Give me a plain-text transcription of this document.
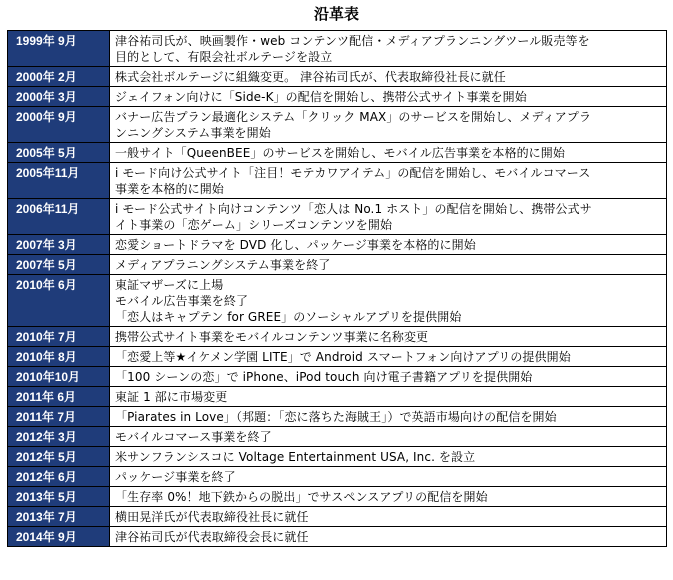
沿革表
1999年 9月	津谷祐司氏が、映画製作・web コンテンツ配信・メディアプランニングツール販売等を
目的として、有限会社ボルテージを設立

2000年 2月	株式会社ボルテージに組織変更。 津谷祐司氏が、代表取締役社長に就任

2000年 3月	ジェイフォン向けに「Side-K」の配信を開始し、携帯公式サイト事業を開始

2000年 9月	バナー広告プラン最適化システム「クリック MAX」のサービスを開始し、メディアプラ
ンニングシステム事業を開始

2005年 5月	一般サイト「QueenBEE」のサービスを開始し、モバイル広告事業を本格的に開始

2005年11月	i モード向け公式サイト「注目！モテカワアイテム」の配信を開始し、モバイルコマース
事業を本格的に開始

2006年11月	i モード公式サイト向けコンテンツ「恋人は No.1 ホスト」の配信を開始し、携帯公式サ
イト事業の「恋ゲーム」シリーズコンテンツを開始

2007年 3月	恋愛ショートドラマを DVD 化し、パッケージ事業を本格的に開始

2007年 5月	メディアプラニングシステム事業を終了

2010年 6月	東証マザーズに上場
モバイル広告事業を終了
「恋人はキャプテン for GREE」のソーシャルアプリを提供開始

2010年 7月	携帯公式サイト事業をモバイルコンテンツ事業に名称変更

2010年 8月	「恋愛上等★イケメン学園 LITE」で Android スマートフォン向けアプリの提供開始

2010年10月	「100 シーンの恋」で iPhone、iPod touch 向け電子書籍アプリを提供開始

2011年 6月	東証 1 部に市場変更

2011年 7月	「Piarates in Love」（邦題：「恋に落ちた海賊王」）で英語市場向けの配信を開始

2012年 3月	モバイルコマース事業を終了

2012年 5月	米サンフランシスコに Voltage Entertainment USA, Inc. を設立

2012年 6月	パッケージ事業を終了

2013年 5月	「生存率 0%！地下鉄からの脱出」でサスペンスアプリの配信を開始

2013年 7月	横田晃洋氏が代表取締役社長に就任

2014年 9月	津谷祐司氏が代表取締役会長に就任
